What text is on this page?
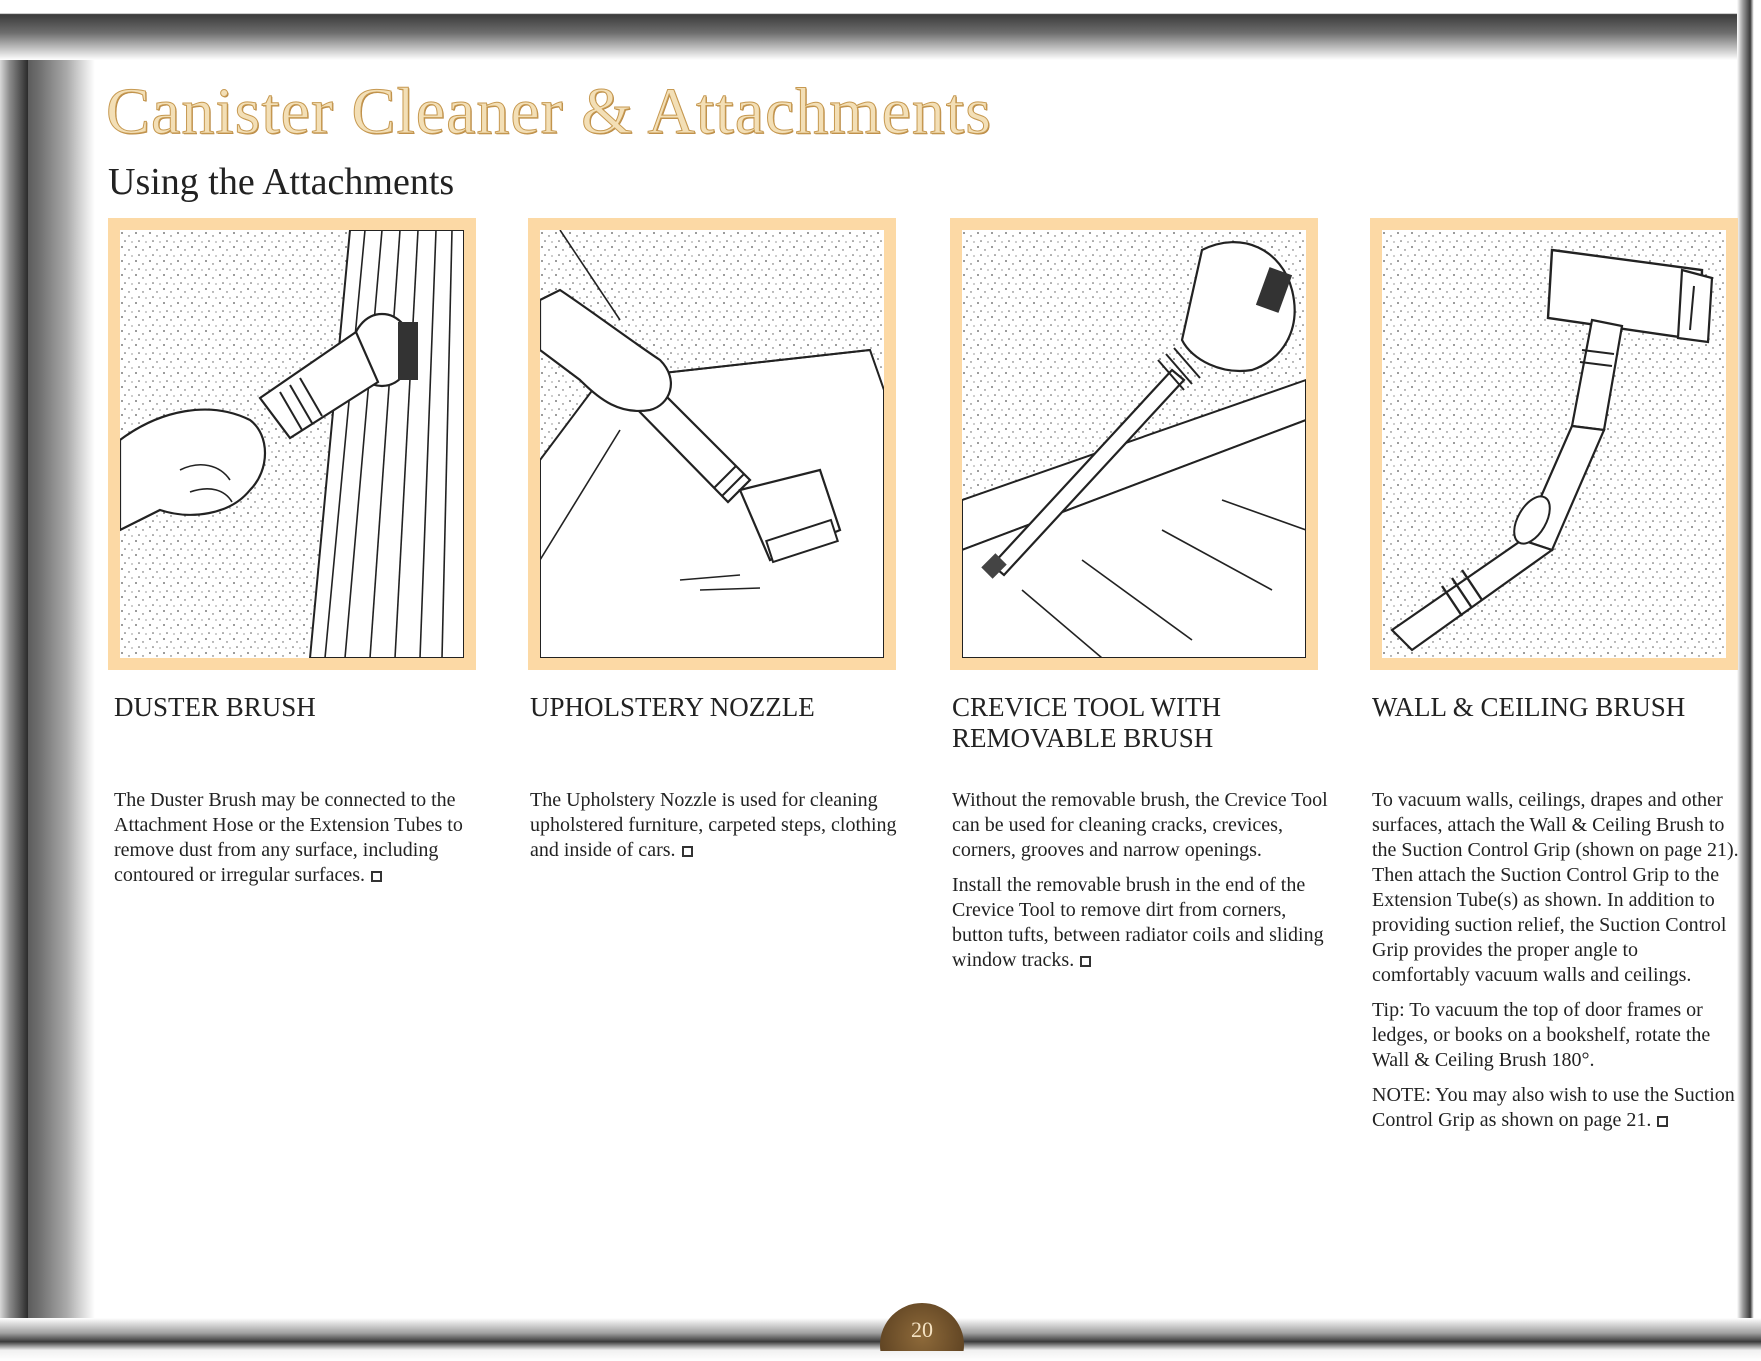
Canister Cleaner & Attachments
Using the Attachments
DUSTER BRUSH

The Duster Brush may be connected to the Attachment Hose or the Extension Tubes to remove dust from any surface, including contoured or irregular surfaces.

UPHOLSTERY NOZZLE

The Upholstery Nozzle is used for cleaning upholstered furniture, carpeted steps, clothing and inside of cars.

CREVICE TOOL WITH REMOVABLE BRUSH

Without the removable brush, the Crevice Tool can be used for cleaning cracks, crevices, corners, grooves and narrow openings.

Install the removable brush in the end of the Crevice Tool to remove dirt from corners, button tufts, between radiator coils and sliding window tracks.

WALL & CEILING BRUSH

To vacuum walls, ceilings, drapes and other surfaces, attach the Wall & Ceiling Brush to the Suction Control Grip (shown on page 21). Then attach the Suction Control Grip to the Extension Tube(s) as shown. In addition to providing suction relief, the Suction Control Grip provides the proper angle to comfortably vacuum walls and ceilings.

Tip: To vacuum the top of door frames or ledges, or books on a bookshelf, rotate the Wall & Ceiling Brush 180°.

NOTE: You may also wish to use the Suction Control Grip as shown on page 21.

20
